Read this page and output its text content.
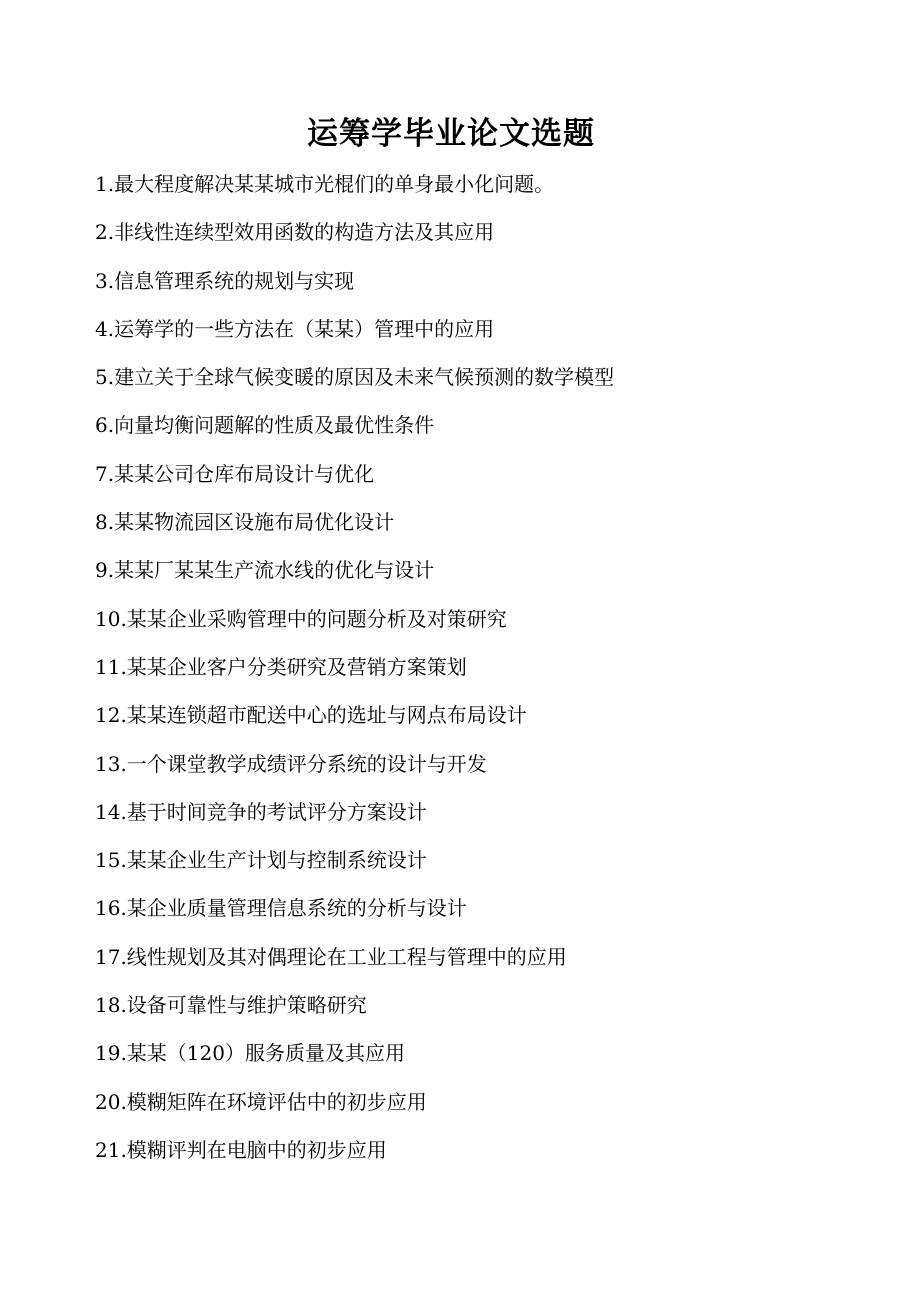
运筹学毕业论文选题
1.最大程度解决某某城市光棍们的单身最小化问题。
2.非线性连续型效用函数的构造方法及其应用
3.信息管理系统的规划与实现
4.运筹学的一些方法在（某某）管理中的应用
5.建立关于全球气候变暖的原因及未来气候预测的数学模型
6.向量均衡问题解的性质及最优性条件
7.某某公司仓库布局设计与优化
8.某某物流园区设施布局优化设计
9.某某厂某某生产流水线的优化与设计
10.某某企业采购管理中的问题分析及对策研究
11.某某企业客户分类研究及营销方案策划
12.某某连锁超市配送中心的选址与网点布局设计
13.一个课堂教学成绩评分系统的设计与开发
14.基于时间竞争的考试评分方案设计
15.某某企业生产计划与控制系统设计
16.某企业质量管理信息系统的分析与设计
17.线性规划及其对偶理论在工业工程与管理中的应用
18.设备可靠性与维护策略研究
19.某某（120）服务质量及其应用
20.模糊矩阵在环境评估中的初步应用
21.模糊评判在电脑中的初步应用
